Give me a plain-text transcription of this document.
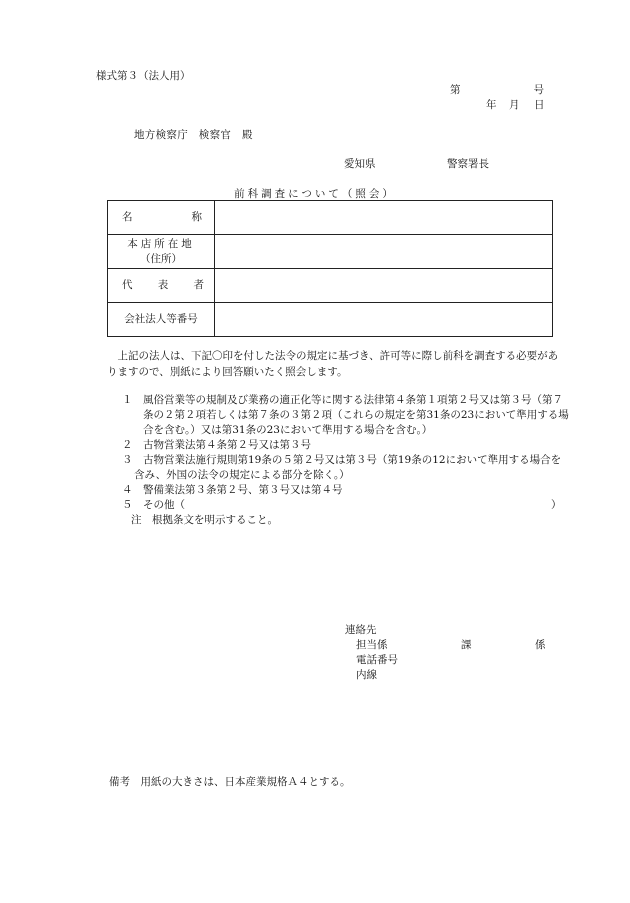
様式第３（法人用）
第	号
年 月 日
地方検察庁　検察官　殿
愛知県	警察署長
前科調査について（照会）
名 称	

本店所在地
（住所）	

代 表 者	

会社法人等番号	

上記の法人は、下記〇印を付した法令の規定に基づき、許可等に際し前科を調査する必要がありますので、別紙により回答願いたく照会します。
１　 風俗営業等の規制及び業務の適正化等に関する法律第４条第１項第２号又は第３号（第７条の２第２項若しくは第７条の３第２項（これらの規定を第31条の23において準用する場合を含む。）又は第31条の23において準用する場合を含む。）
２　 古物営業法第４条第２号又は第３号
３　 古物営業法施行規則第19条の５第２号又は第３号（第19条の12において準用する場合を含み、外国の法令の規定による部分を除く。）
４　 警備業法第３条第２号、第３号又は第４号
５　 その他（	）
注　根拠条文を明示すること。
連絡先
担当係	課	係
電話番号
内線
備考　用紙の大きさは、日本産業規格Ａ４とする。
